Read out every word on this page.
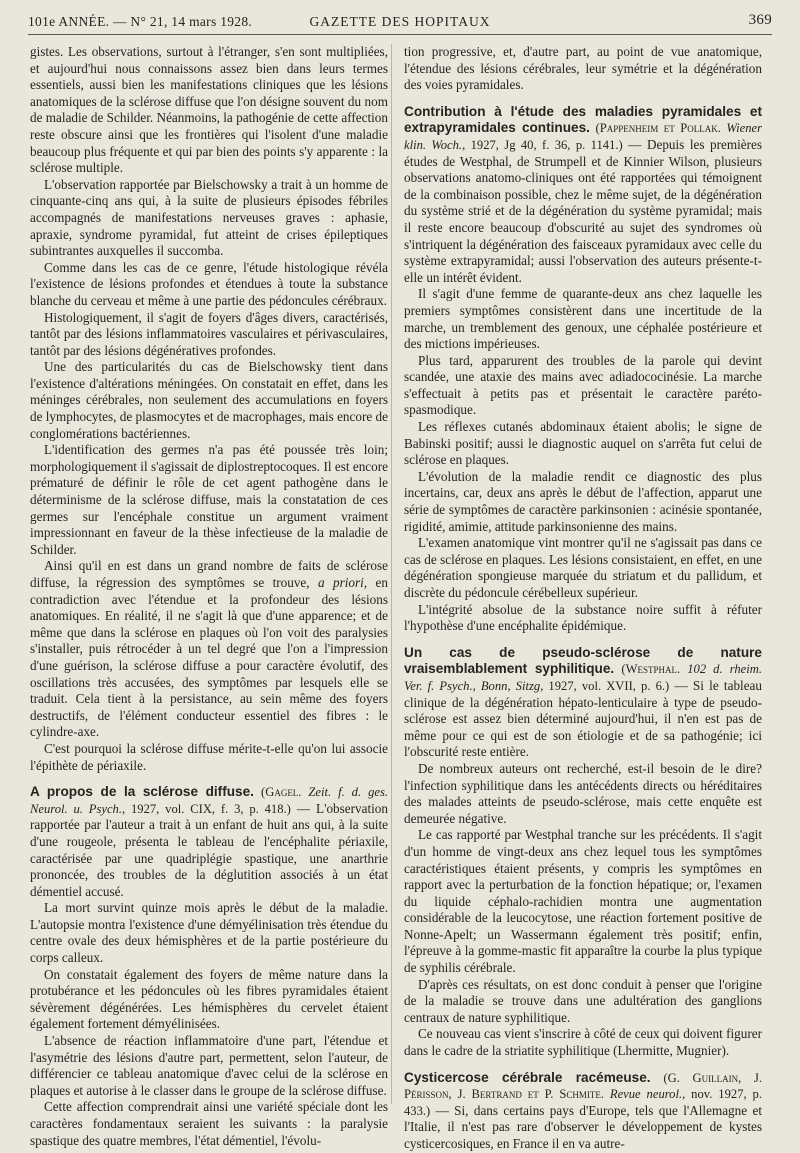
101e ANNÉE. — N° 21, 14 mars 1928.	GAZETTE DES HOPITAUX	369

gistes. Les observations, surtout à l'étranger, s'en sont multipliées, et aujourd'hui nous connaissons assez bien dans leurs termes essentiels, aussi bien les manifestations cliniques que les lésions anatomiques de la sclérose diffuse que l'on désigne souvent du nom de maladie de Schilder. Néanmoins, la pathogénie de cette affection reste obscure ainsi que les frontières qui l'isolent d'une maladie beaucoup plus fréquente et qui par bien des points s'y apparente : la sclérose multiple.

L'observation rapportée par Bielschowsky a trait à un homme de cinquante-cinq ans qui, à la suite de plusieurs épisodes fébriles accompagnés de manifestations nerveuses graves : aphasie, apraxie, syndrome pyramidal, fut atteint de crises épileptiques subintrantes auxquelles il succomba.

Comme dans les cas de ce genre, l'étude histologique révéla l'existence de lésions profondes et étendues à toute la substance blanche du cerveau et même à une partie des pédoncules cérébraux.

Histologiquement, il s'agit de foyers d'âges divers, caractérisés, tantôt par des lésions inflammatoires vasculaires et périvasculaires, tantôt par des lésions dégénératives profondes.

Une des particularités du cas de Bielschowsky tient dans l'existence d'altérations méningées. On constatait en effet, dans les méninges cérébrales, non seulement des accumulations en foyers de lymphocytes, de plasmocytes et de macrophages, mais encore de conglomérations bactériennes.

L'identification des germes n'a pas été poussée très loin; morphologiquement il s'agissait de diplostreptocoques. Il est encore prématuré de définir le rôle de cet agent pathogène dans le déterminisme de la sclérose diffuse, mais la constatation de ces germes sur l'encéphale constitue un argument vraiment impressionnant en faveur de la thèse infectieuse de la maladie de Schilder.

Ainsi qu'il en est dans un grand nombre de faits de sclérose diffuse, la régression des symptômes se trouve, a priori, en contradiction avec l'étendue et la profondeur des lésions anatomiques. En réalité, il ne s'agit là que d'une apparence; et de même que dans la sclérose en plaques où l'on voit des paralysies s'installer, puis rétrocéder à un tel degré que l'on a l'impression d'une guérison, la sclérose diffuse a pour caractère évolutif, des oscillations très accusées, des symptômes par lesquels elle se traduit. Cela tient à la persistance, au sein même des foyers destructifs, de l'élément conducteur essentiel des fibres : le cylindre-axe.

C'est pourquoi la sclérose diffuse mérite-t-elle qu'on lui associe l'épithète de périaxile.

A propos de la sclérose diffuse. (Gagel. Zeit. f. d. ges. Neurol. u. Psych., 1927, vol. CIX, f. 3, p. 418.) — L'observation rapportée par l'auteur a trait à un enfant de huit ans qui, à la suite d'une rougeole, présenta le tableau de l'encéphalite périaxile, caractérisée par une quadriplégie spastique, une anarthrie prononcée, des troubles de la déglutition associés à un état démentiel accusé.

La mort survint quinze mois après le début de la maladie. L'autopsie montra l'existence d'une démyélinisation très étendue du centre ovale des deux hémisphères et de la partie postérieure du corps calleux.

On constatait également des foyers de même nature dans la protubérance et les pédoncules où les fibres pyramidales étaient sévèrement dégénérées. Les hémisphères du cervelet étaient également fortement démyélinisées.

L'absence de réaction inflammatoire d'une part, l'étendue et l'asymétrie des lésions d'autre part, permettent, selon l'auteur, de différencier ce tableau anatomique d'avec celui de la sclérose en plaques et autorise à le classer dans le groupe de la sclérose diffuse.

Cette affection comprendrait ainsi une variété spéciale dont les caractères fondamentaux seraient les suivants : la paralysie spastique des quatre membres, l'état démentiel, l'évolu-

tion progressive, et, d'autre part, au point de vue anatomique, l'étendue des lésions cérébrales, leur symétrie et la dégénération des voies pyramidales.

Contribution à l'étude des maladies pyramidales et extrapyramidales continues. (Pappenheim et Pollak. Wiener klin. Woch., 1927, Jg 40, f. 36, p. 1141.) — Depuis les premières études de Westphal, de Strumpell et de Kinnier Wilson, plusieurs observations anatomo-cliniques ont été rapportées qui témoignent de la combinaison possible, chez le même sujet, de la dégénération du système strié et de la dégénération du système pyramidal; mais il reste encore beaucoup d'obscurité au sujet des syndromes où s'intriquent la dégénération des faisceaux pyramidaux avec celle du système extrapyramidal; aussi l'observation des auteurs présente-t-elle un intérêt évident.

Il s'agit d'une femme de quarante-deux ans chez laquelle les premiers symptômes consistèrent dans une incertitude de la marche, un tremblement des genoux, une céphalée postérieure et des mictions impérieuses.

Plus tard, apparurent des troubles de la parole qui devint scandée, une ataxie des mains avec adiadococinésie. La marche s'effectuait à petits pas et présentait le caractère paréto-spasmodique.

Les réflexes cutanés abdominaux étaient abolis; le signe de Babinski positif; aussi le diagnostic auquel on s'arrêta fut celui de sclérose en plaques.

L'évolution de la maladie rendit ce diagnostic des plus incertains, car, deux ans après le début de l'affection, apparut une série de symptômes de caractère parkinsonien : acinésie spontanée, rigidité, amimie, attitude parkinsonienne des mains.

L'examen anatomique vint montrer qu'il ne s'agissait pas dans ce cas de sclérose en plaques. Les lésions consistaient, en effet, en une dégénération spongieuse marquée du striatum et du pallidum, et discrète du pédoncule cérébelleux supérieur.

L'intégrité absolue de la substance noire suffit à réfuter l'hypothèse d'une encéphalite épidémique.

Un cas de pseudo-sclérose de nature vraisemblablement syphilitique. (Westphal. 102 d. rheim. Ver. f. Psych., Bonn, Sitzg, 1927, vol. XVII, p. 6.) — Si le tableau clinique de la dégénération hépato-lenticulaire à type de pseudo-sclérose est assez bien déterminé aujourd'hui, il n'en est pas de même pour ce qui est de son étiologie et de sa pathogénie; ici l'obscurité reste entière.

De nombreux auteurs ont recherché, est-il besoin de le dire? l'infection syphilitique dans les antécédents directs ou héréditaires des malades atteints de pseudo-sclérose, mais cette enquête est demeurée négative.

Le cas rapporté par Westphal tranche sur les précédents. Il s'agit d'un homme de vingt-deux ans chez lequel tous les symptômes caractéristiques étaient présents, y compris les symptômes en rapport avec la perturbation de la fonction hépatique; or, l'examen du liquide céphalo-rachidien montra une augmentation considérable de la leucocytose, une réaction fortement positive de Nonne-Apelt; un Wassermann également très positif; enfin, l'épreuve à la gomme-mastic fit apparaître la courbe la plus typique de syphilis cérébrale.

D'après ces résultats, on est donc conduit à penser que l'origine de la maladie se trouve dans une adultération des ganglions centraux de nature syphilitique.

Ce nouveau cas vient s'inscrire à côté de ceux qui doivent figurer dans le cadre de la striatite syphilitique (Lhermitte, Mugnier).

Cysticercose cérébrale racémeuse. (G. Guillain, J. Périsson, J. Bertrand et P. Schmite. Revue neurol., nov. 1927, p. 433.) — Si, dans certains pays d'Europe, tels que l'Allemagne et l'Italie, il n'est pas rare d'observer le développement de kystes cysticercosiques, en France il en va autre-
